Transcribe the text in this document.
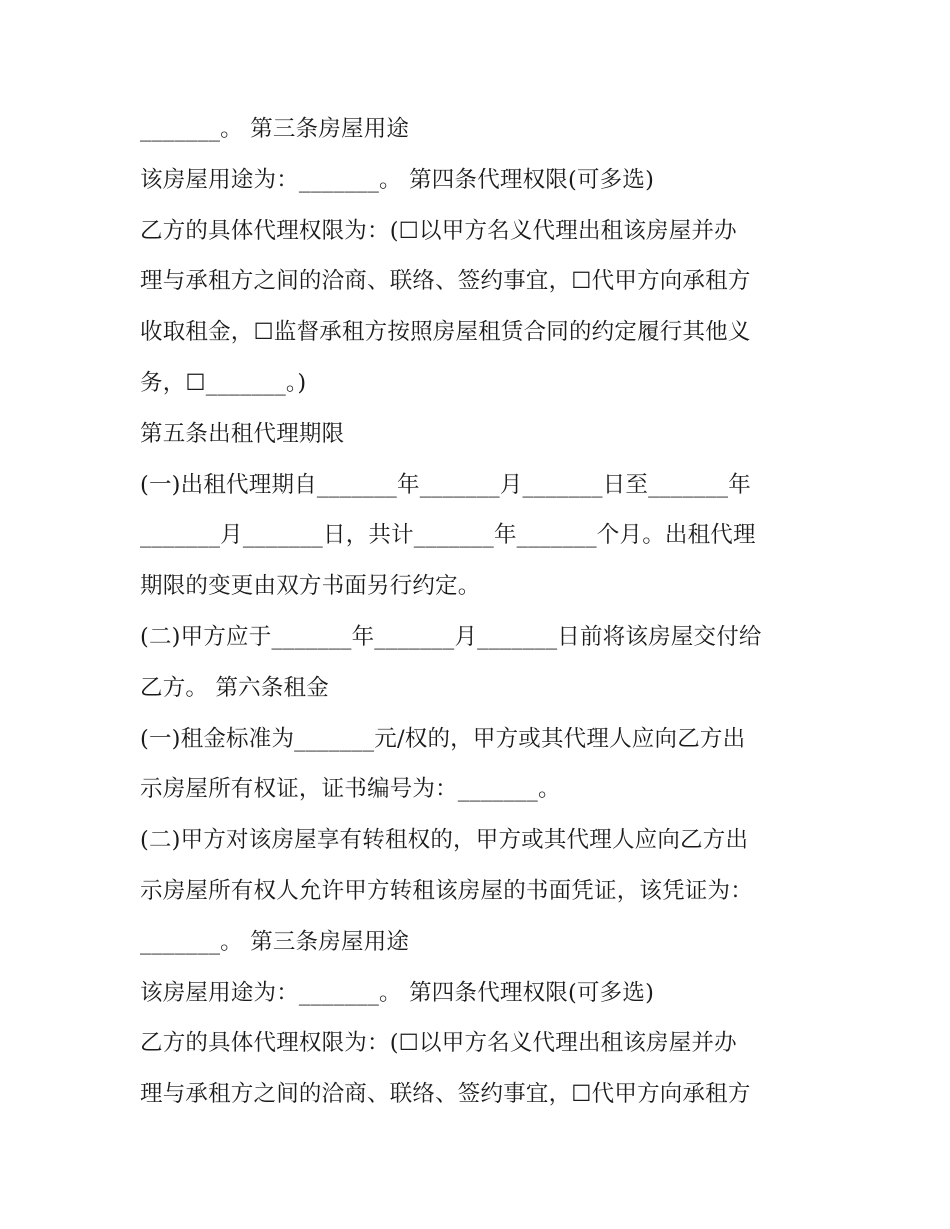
_______。 第三条房屋用途
该房屋用途为：_______。 第四条代理权限(可多选)
乙方的具体代理权限为：(☐以甲方名义代理出租该房屋并办
理与承租方之间的洽商、联络、签约事宜，☐代甲方向承租方
收取租金，☐监督承租方按照房屋租赁合同的约定履行其他义
务，☐_______。)
第五条出租代理期限
(一)出租代理期自_______年_______月_______日至_______年
_______月_______日，共计_______年_______个月。出租代理
期限的变更由双方书面另行约定。
(二)甲方应于_______年_______月_______日前将该房屋交付给
乙方。 第六条租金
(一)租金标准为_______元/权的，甲方或其代理人应向乙方出
示房屋所有权证，证书编号为：_______。
(二)甲方对该房屋享有转租权的，甲方或其代理人应向乙方出
示房屋所有权人允许甲方转租该房屋的书面凭证，该凭证为：
_______。 第三条房屋用途
该房屋用途为：_______。 第四条代理权限(可多选)
乙方的具体代理权限为：(☐以甲方名义代理出租该房屋并办
理与承租方之间的洽商、联络、签约事宜，☐代甲方向承租方
